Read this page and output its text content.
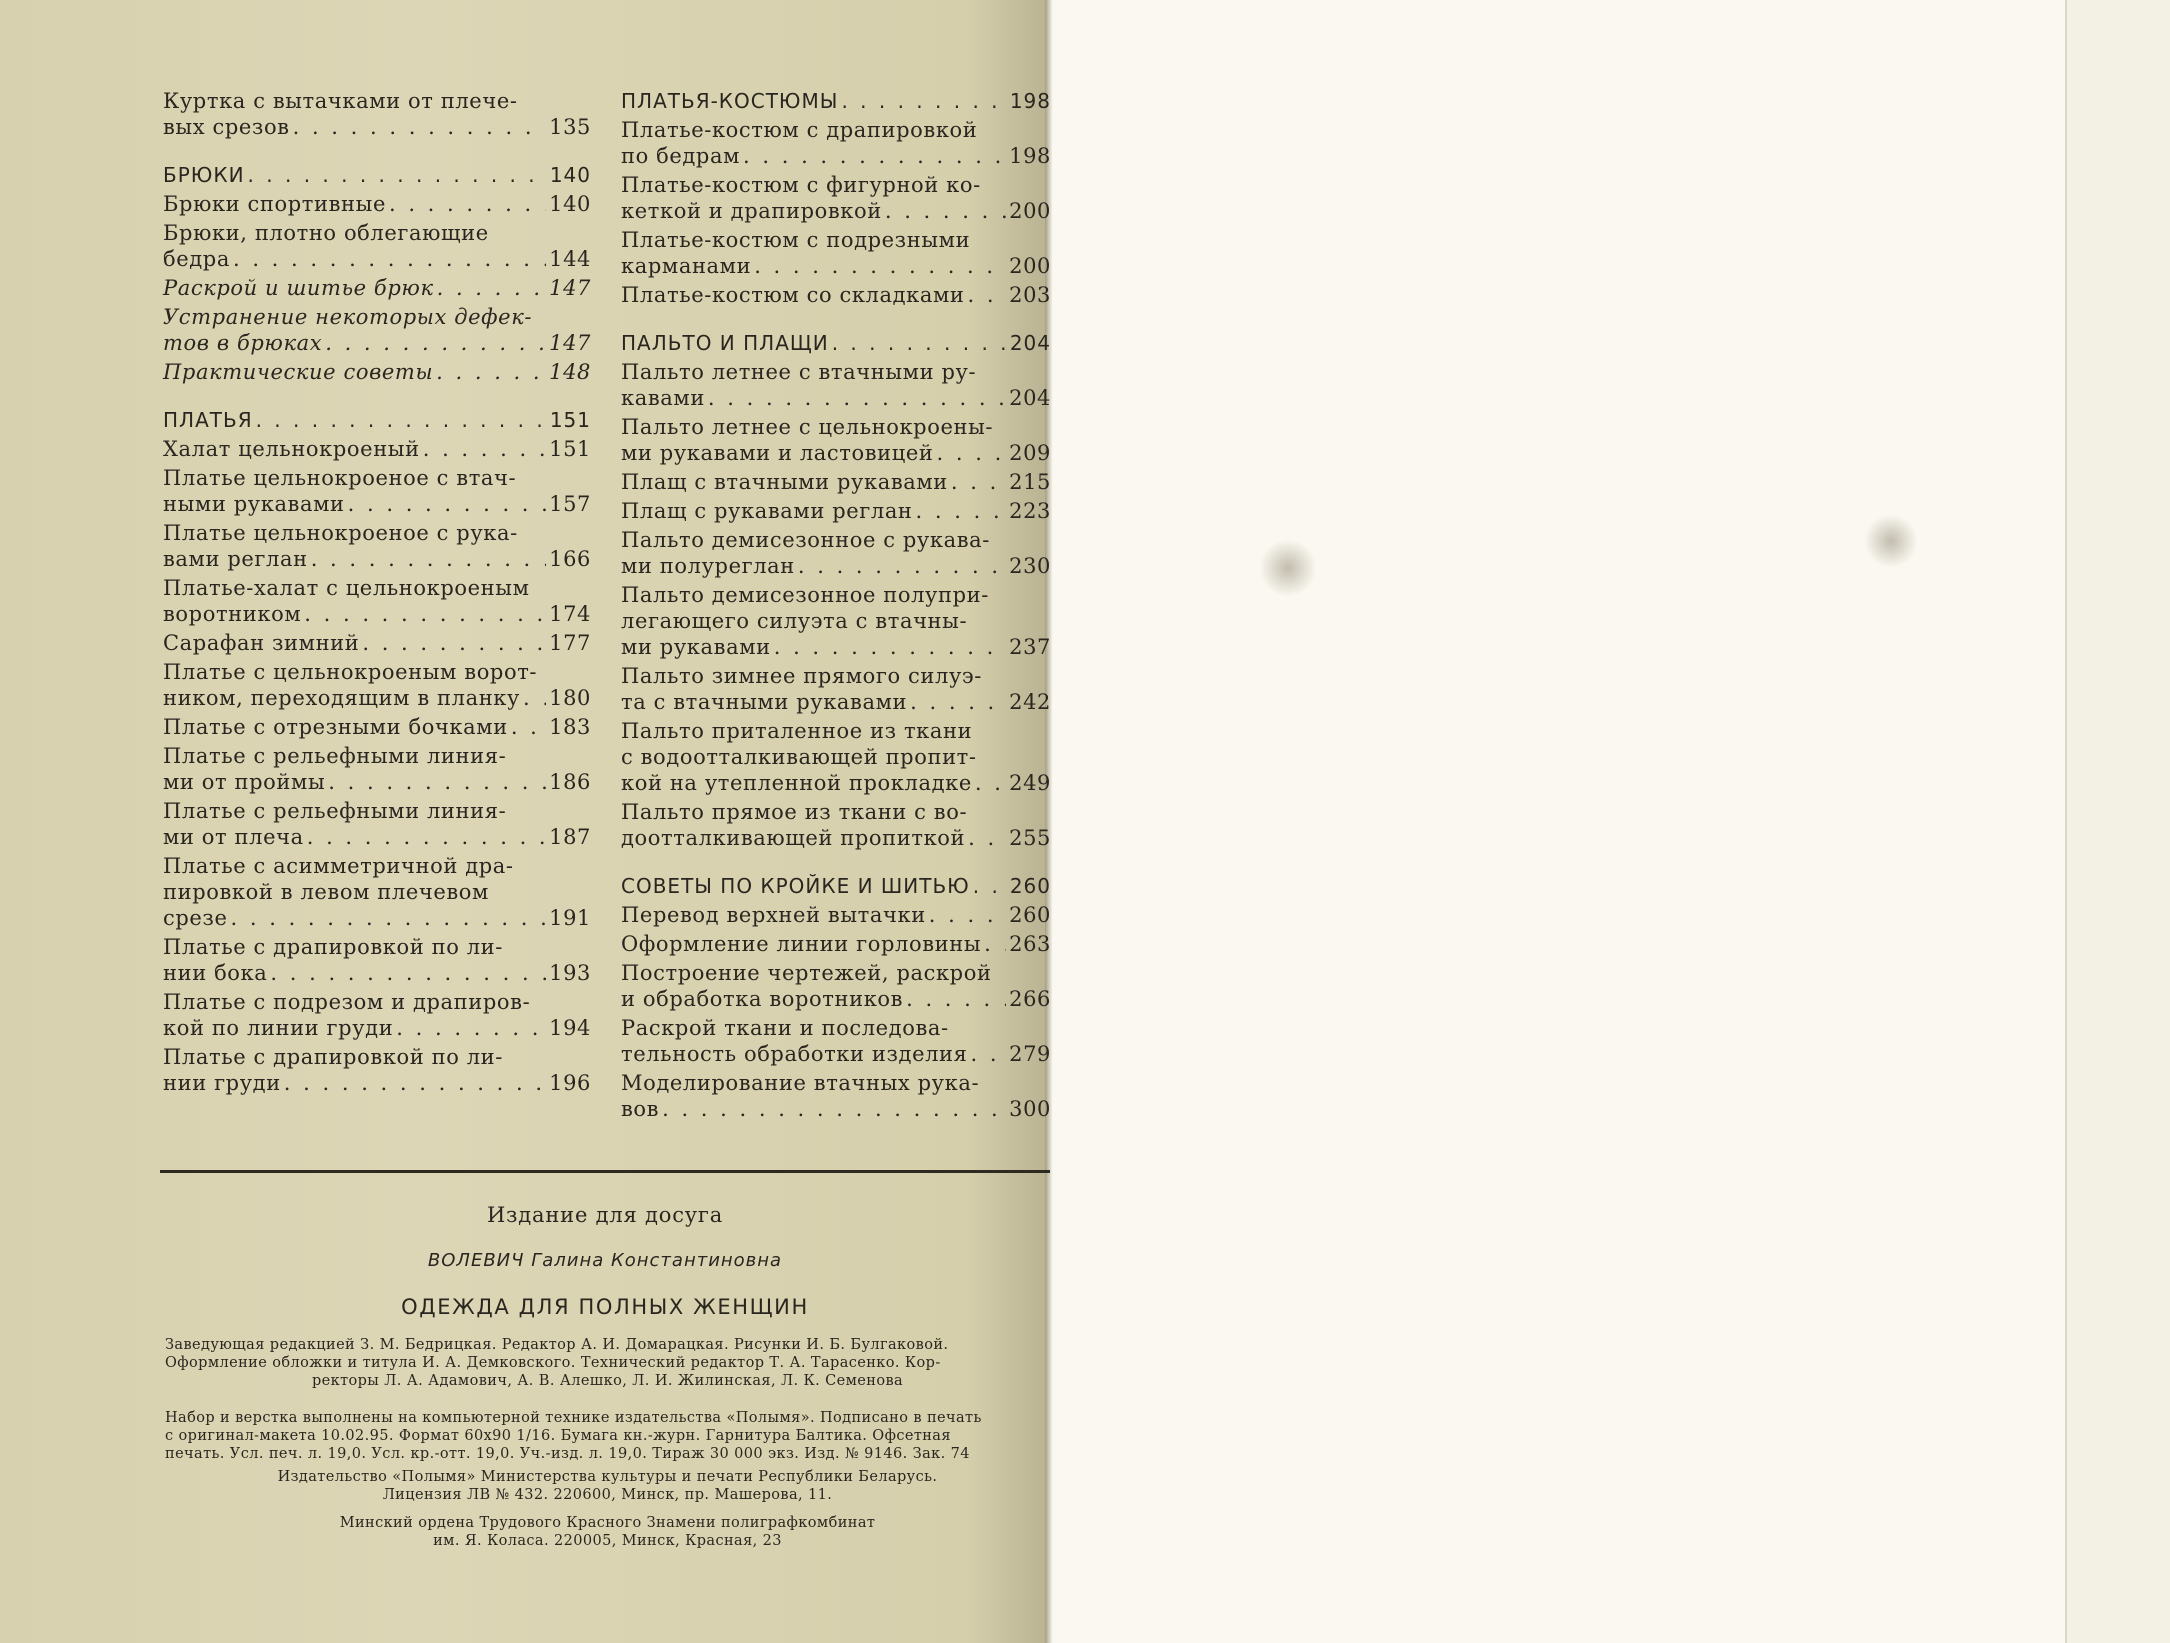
Куртка с вытачками от плече-
вых срезов . . .	135
БРЮКИ . . .	140
Брюки спортивные . . .	140
Брюки, плотно облегающие
бедра . . .	144
Раскрой и шитье брюк . . .	147
Устранение некоторых дефек-
тов в брюках . . .	147
Практические советы . . .	148
ПЛАТЬЯ . . .	151
Халат цельнокроеный . . .	151
Платье цельнокроеное с втач-
ными рукавами . . .	157
Платье цельнокроеное с рука-
вами реглан . . .	166
Платье-халат с цельнокроеным
воротником . . .	174
Сарафан зимний . . .	177
Платье с цельнокроеным ворот-
ником, переходящим в планку . . . 180
Платье с отрезными бочками . . . 183
Платье с рельефными линия-
ми от проймы . . .	186
Платье с рельефными линия-
ми от плеча . . .	187
Платье с асимметричной дра-
пировкой в левом плечевом
срезе . . .	191
Платье с драпировкой по ли-
нии бока . . .	193
Платье с подрезом и драпиров-
кой по линии груди . . .	194
Платье с драпировкой по ли-
нии груди . . .	196
ПЛАТЬЯ-КОСТЮМЫ . . .	198
Платье-костюм с драпировкой
по бедрам . . .	198
Платье-костюм с фигурной ко-
кеткой и драпировкой . . .	200
Платье-костюм с подрезными
карманами . . .	200
Платье-костюм со складками . . . 203
ПАЛЬТО И ПЛАЩИ . . .	204
Пальто летнее с втачными ру-
кавами . . .	204
Пальто летнее с цельнокроены-
ми рукавами и ластовицей . . .	209
Плащ с втачными рукавами . . .	215
Плащ с рукавами реглан . . .	223
Пальто демисезонное с рукава-
ми полуреглан . . .	230
Пальто демисезонное полупри-
легающего силуэта с втачны-
ми рукавами . . .	237
Пальто зимнее прямого силуэ-
та с втачными рукавами . . .	242
Пальто приталенное из ткани
с водоотталкивающей пропит-
кой на утепленной прокладке . . . 249
Пальто прямое из ткани с во-
доотталкивающей пропиткой . . . 255
СОВЕТЫ ПО КРОЙКЕ И ШИТЬЮ . . . 260
Перевод верхней вытачки . . .	260
Оформление линии горловины . . . 263
Построение чертежей, раскрой
и обработка воротников . . .	266
Раскрой ткани и последова-
тельность обработки изделия . . . 279
Моделирование втачных рука-
вов . . .	300
Издание для досуга
ВОЛЕВИЧ Галина Константиновна
ОДЕЖДА ДЛЯ ПОЛНЫХ ЖЕНЩИН
Заведующая редакцией З. М. Бедрицкая. Редактор А. И. Домарацкая. Рисунки И. Б. Булгаковой.
Оформление обложки и титула И. А. Демковского. Технический редактор Т. А. Тарасенко. Кор-
ректоры Л. А. Адамович, А. В. Алешко, Л. И. Жилинская, Л. К. Семенова
Набор и верстка выполнены на компьютерной технике издательства «Полымя». Подписано в печать
с оригинал-макета 10.02.95. Формат 60х90 1/16. Бумага кн.-журн. Гарнитура Балтика. Офсетная
печать. Усл. печ. л. 19,0. Усл. кр.-отт. 19,0. Уч.-изд. л. 19,0. Тираж 30 000 экз. Изд. № 9146. Зак. 74
Издательство «Полымя» Министерства культуры и печати Республики Беларусь.
Лицензия ЛВ № 432. 220600, Минск, пр. Машерова, 11.
Минский ордена Трудового Красного Знамени полиграфкомбинат
им. Я. Коласа. 220005, Минск, Красная, 23
